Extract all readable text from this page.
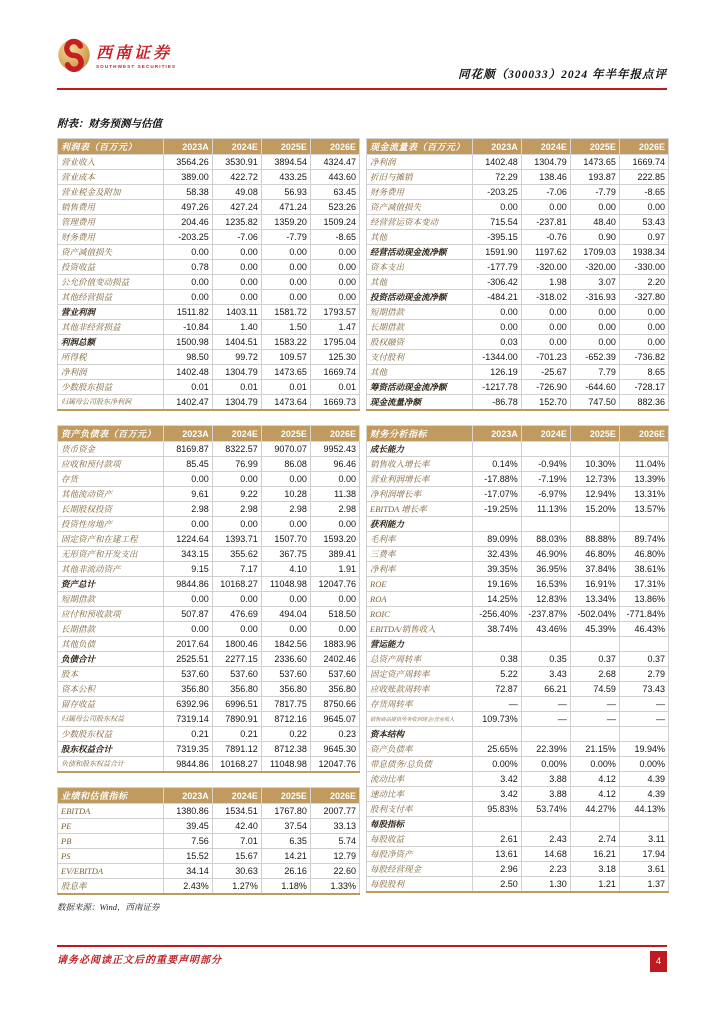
西南证券
SOUTHWEST SECURITIES
同花顺（300033）2024 年半年报点评
附表：财务预测与估值
利润表（百万元）	2023A	2024E	2025E	2026E
营业收入	3564.26	3530.91	3894.54	4324.47
营业成本	389.00	422.72	433.25	443.60
营业税金及附加	58.38	49.08	56.93	63.45
销售费用	497.26	427.24	471.24	523.26
管理费用	204.46	1235.82	1359.20	1509.24
财务费用	-203.25	-7.06	-7.79	-8.65
资产减值损失	0.00	0.00	0.00	0.00
投资收益	0.78	0.00	0.00	0.00
公允价值变动损益	0.00	0.00	0.00	0.00
其他经营损益	0.00	0.00	0.00	0.00
营业利润	1511.82	1403.11	1581.72	1793.57
其他非经营损益	-10.84	1.40	1.50	1.47
利润总额	1500.98	1404.51	1583.22	1795.04
所得税	98.50	99.72	109.57	125.30
净利润	1402.48	1304.79	1473.65	1669.74
少数股东损益	0.01	0.01	0.01	0.01
归属母公司股东净利润	1402.47	1304.79	1473.64	1669.73
资产负债表（百万元）	2023A	2024E	2025E	2026E
货币资金	8169.87	8322.57	9070.07	9952.43
应收和预付款项	85.45	76.99	86.08	96.46
存货	0.00	0.00	0.00	0.00
其他流动资产	9.61	9.22	10.28	11.38
长期股权投资	2.98	2.98	2.98	2.98
投资性房地产	0.00	0.00	0.00	0.00
固定资产和在建工程	1224.64	1393.71	1507.70	1593.20
无形资产和开发支出	343.15	355.62	367.75	389.41
其他非流动资产	9.15	7.17	4.10	1.91
资产总计	9844.86	10168.27	11048.98	12047.76
短期借款	0.00	0.00	0.00	0.00
应付和预收款项	507.87	476.69	494.04	518.50
长期借款	0.00	0.00	0.00	0.00
其他负债	2017.64	1800.46	1842.56	1883.96
负债合计	2525.51	2277.15	2336.60	2402.46
股本	537.60	537.60	537.60	537.60
资本公积	356.80	356.80	356.80	356.80
留存收益	6392.96	6996.51	7817.75	8750.66
归属母公司股东权益	7319.14	7890.91	8712.16	9645.07
少数股东权益	0.21	0.21	0.22	0.23
股东权益合计	7319.35	7891.12	8712.38	9645.30
负债和股东权益合计	9844.86	10168.27	11048.98	12047.76
业绩和估值指标	2023A	2024E	2025E	2026E
EBITDA	1380.86	1534.51	1767.80	2007.77
PE	39.45	42.40	37.54	33.13
PB	7.56	7.01	6.35	5.74
PS	15.52	15.67	14.21	12.79
EV/EBITDA	34.14	30.63	26.16	22.60
股息率	2.43%	1.27%	1.18%	1.33%
数据来源：Wind，西南证券
现金流量表（百万元）	2023A	2024E	2025E	2026E
净利润	1402.48	1304.79	1473.65	1669.74
折旧与摊销	72.29	138.46	193.87	222.85
财务费用	-203.25	-7.06	-7.79	-8.65
资产减值损失	0.00	0.00	0.00	0.00
经营营运资本变动	715.54	-237.81	48.40	53.43
其他	-395.15	-0.76	0.90	0.97
经营活动现金流净额	1591.90	1197.62	1709.03	1938.34
资本支出	-177.79	-320.00	-320.00	-330.00
其他	-306.42	1.98	3.07	2.20
投资活动现金流净额	-484.21	-318.02	-316.93	-327.80
短期借款	0.00	0.00	0.00	0.00
长期借款	0.00	0.00	0.00	0.00
股权融资	0.03	0.00	0.00	0.00
支付股利	-1344.00	-701.23	-652.39	-736.82
其他	126.19	-25.67	7.79	8.65
筹资活动现金流净额	-1217.78	-726.90	-644.60	-728.17
现金流量净额	-86.78	152.70	747.50	882.36
财务分析指标	2023A	2024E	2025E	2026E
成长能力				
销售收入增长率	0.14%	-0.94%	10.30%	11.04%
营业利润增长率	-17.88%	-7.19%	12.73%	13.39%
净利润增长率	-17.07%	-6.97%	12.94%	13.31%
EBITDA 增长率	-19.25%	11.13%	15.20%	13.57%
获利能力				
毛利率	89.09%	88.03%	88.88%	89.74%
三费率	32.43%	46.90%	46.80%	46.80%
净利率	39.35%	36.95%	37.84%	38.61%
ROE	19.16%	16.53%	16.91%	17.31%
ROA	14.25%	12.83%	13.34%	13.86%
ROIC	-256.40%	-237.87%	-502.04%	-771.84%
EBITDA/销售收入	38.74%	43.46%	45.39%	46.43%
营运能力				
总资产周转率	0.38	0.35	0.37	0.37
固定资产周转率	5.22	3.43	2.68	2.79
应收账款周转率	72.87	66.21	74.59	73.43
存货周转率	—	—	—	—
销售商品提供劳务收到现金/营业收入	109.73%	—	—	—
资本结构				
资产负债率	25.65%	22.39%	21.15%	19.94%
带息债务/总负债	0.00%	0.00%	0.00%	0.00%
流动比率	3.42	3.88	4.12	4.39
速动比率	3.42	3.88	4.12	4.39
股利支付率	95.83%	53.74%	44.27%	44.13%
每股指标				
每股收益	2.61	2.43	2.74	3.11
每股净资产	13.61	14.68	16.21	17.94
每股经营现金	2.96	2.23	3.18	3.61
每股股利	2.50	1.30	1.21	1.37
请务必阅读正文后的重要声明部分	4
